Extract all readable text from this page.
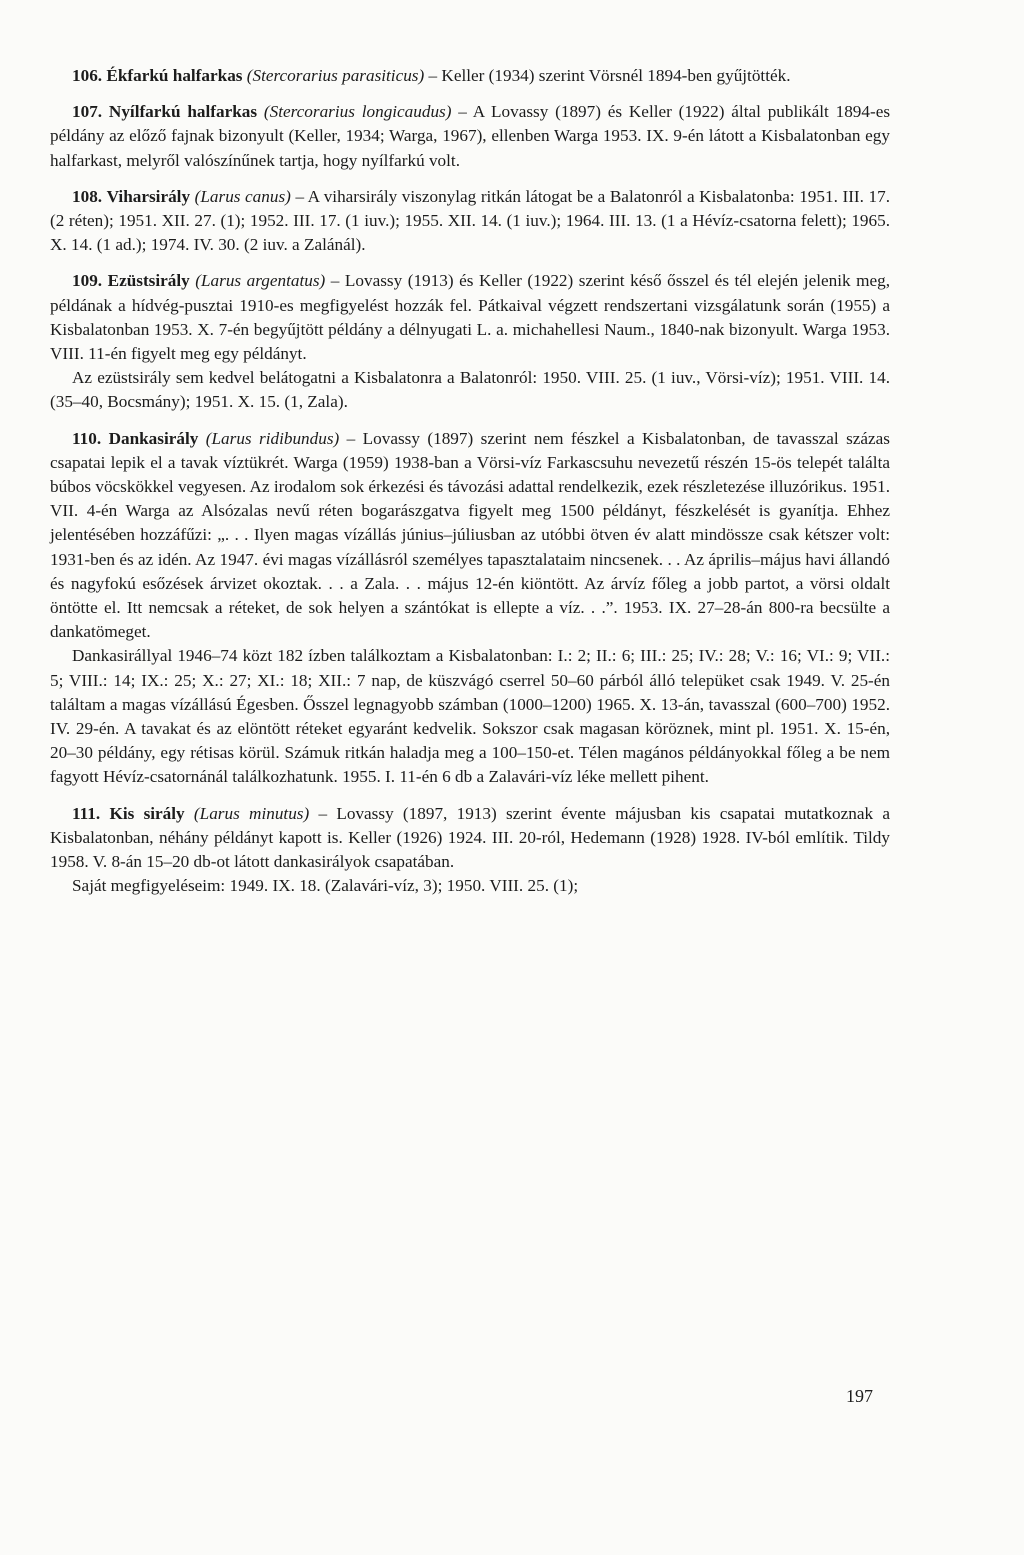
106. Ékfarkú halfarkas (Stercorarius parasiticus) – Keller (1934) szerint Vörsnél 1894-ben gyűjtötték.

107. Nyílfarkú halfarkas (Stercorarius longicaudus) – A Lovassy (1897) és Keller (1922) által publikált 1894-es példány az előző fajnak bizonyult (Keller, 1934; Warga, 1967), ellenben Warga 1953. IX. 9-én látott a Kisbalatonban egy halfarkast, melyről valószínűnek tartja, hogy nyílfarkú volt.

108. Viharsirály (Larus canus) – A viharsirály viszonylag ritkán látogat be a Balatonról a Kisbalatonba: 1951. III. 17. (2 réten); 1951. XII. 27. (1); 1952. III. 17. (1 iuv.); 1955. XII. 14. (1 iuv.); 1964. III. 13. (1 a Hévíz-csatorna felett); 1965. X. 14. (1 ad.); 1974. IV. 30. (2 iuv. a Zalánál).

109. Ezüstsirály (Larus argentatus) – Lovassy (1913) és Keller (1922) szerint késő ősszel és tél elején jelenik meg, példának a hídvég-pusztai 1910-es megfigyelést hozzák fel. Pátkaival végzett rendszertani vizsgálatunk során (1955) a Kisbalatonban 1953. X. 7-én begyűjtött példány a délnyugati L. a. michahellesi Naum., 1840-nak bizonyult. Warga 1953. VIII. 11-én figyelt meg egy példányt.

Az ezüstsirály sem kedvel belátogatni a Kisbalatonra a Balatonról: 1950. VIII. 25. (1 iuv., Vörsi-víz); 1951. VIII. 14. (35–40, Bocsmány); 1951. X. 15. (1, Zala).

110. Dankasirály (Larus ridibundus) – Lovassy (1897) szerint nem fészkel a Kisbalatonban, de tavasszal százas csapatai lepik el a tavak víztükrét. Warga (1959) 1938-ban a Vörsi-víz Farkascsuhu nevezetű részén 15-ös telepét találta búbos vöcskökkel vegyesen. Az irodalom sok érkezési és távozási adattal rendelkezik, ezek részletezése illuzórikus. 1951. VII. 4-én Warga az Alsózalas nevű réten bogarászgatva figyelt meg 1500 példányt, fészkelését is gyanítja. Ehhez jelentésében hozzáfűzi: „. . . Ilyen magas vízállás június–júliusban az utóbbi ötven év alatt mindössze csak kétszer volt: 1931-ben és az idén. Az 1947. évi magas vízállásról személyes tapasztalataim nincsenek. . . Az április–május havi állandó és nagyfokú esőzések árvizet okoztak. . . a Zala. . . május 12-én kiöntött. Az árvíz főleg a jobb partot, a vörsi oldalt öntötte el. Itt nemcsak a réteket, de sok helyen a szántókat is ellepte a víz. . .”. 1953. IX. 27–28-án 800-ra becsülte a dankatömeget.

Dankasirállyal 1946–74 közt 182 ízben találkoztam a Kisbalatonban: I.: 2; II.: 6; III.: 25; IV.: 28; V.: 16; VI.: 9; VII.: 5; VIII.: 14; IX.: 25; X.: 27; XI.: 18; XII.: 7 nap, de küszvágó cserrel 50–60 párból álló telepüket csak 1949. V. 25-én találtam a magas vízállású Égesben. Ősszel legnagyobb számban (1000–1200) 1965. X. 13-án, tavasszal (600–700) 1952. IV. 29-én. A tavakat és az elöntött réteket egyaránt kedvelik. Sokszor csak magasan köröznek, mint pl. 1951. X. 15-én, 20–30 példány, egy rétisas körül. Számuk ritkán haladja meg a 100–150-et. Télen magános példányokkal főleg a be nem fagyott Hévíz-csatornánál találkozhatunk. 1955. I. 11-én 6 db a Zalavári-víz léke mellett pihent.

111. Kis sirály (Larus minutus) – Lovassy (1897, 1913) szerint évente májusban kis csapatai mutatkoznak a Kisbalatonban, néhány példányt kapott is. Keller (1926) 1924. III. 20-ról, Hedemann (1928) 1928. IV-ból említik. Tildy 1958. V. 8-án 15–20 db-ot látott dankasirályok csapatában.

Saját megfigyeléseim: 1949. IX. 18. (Zalavári-víz, 3); 1950. VIII. 25. (1);

197
